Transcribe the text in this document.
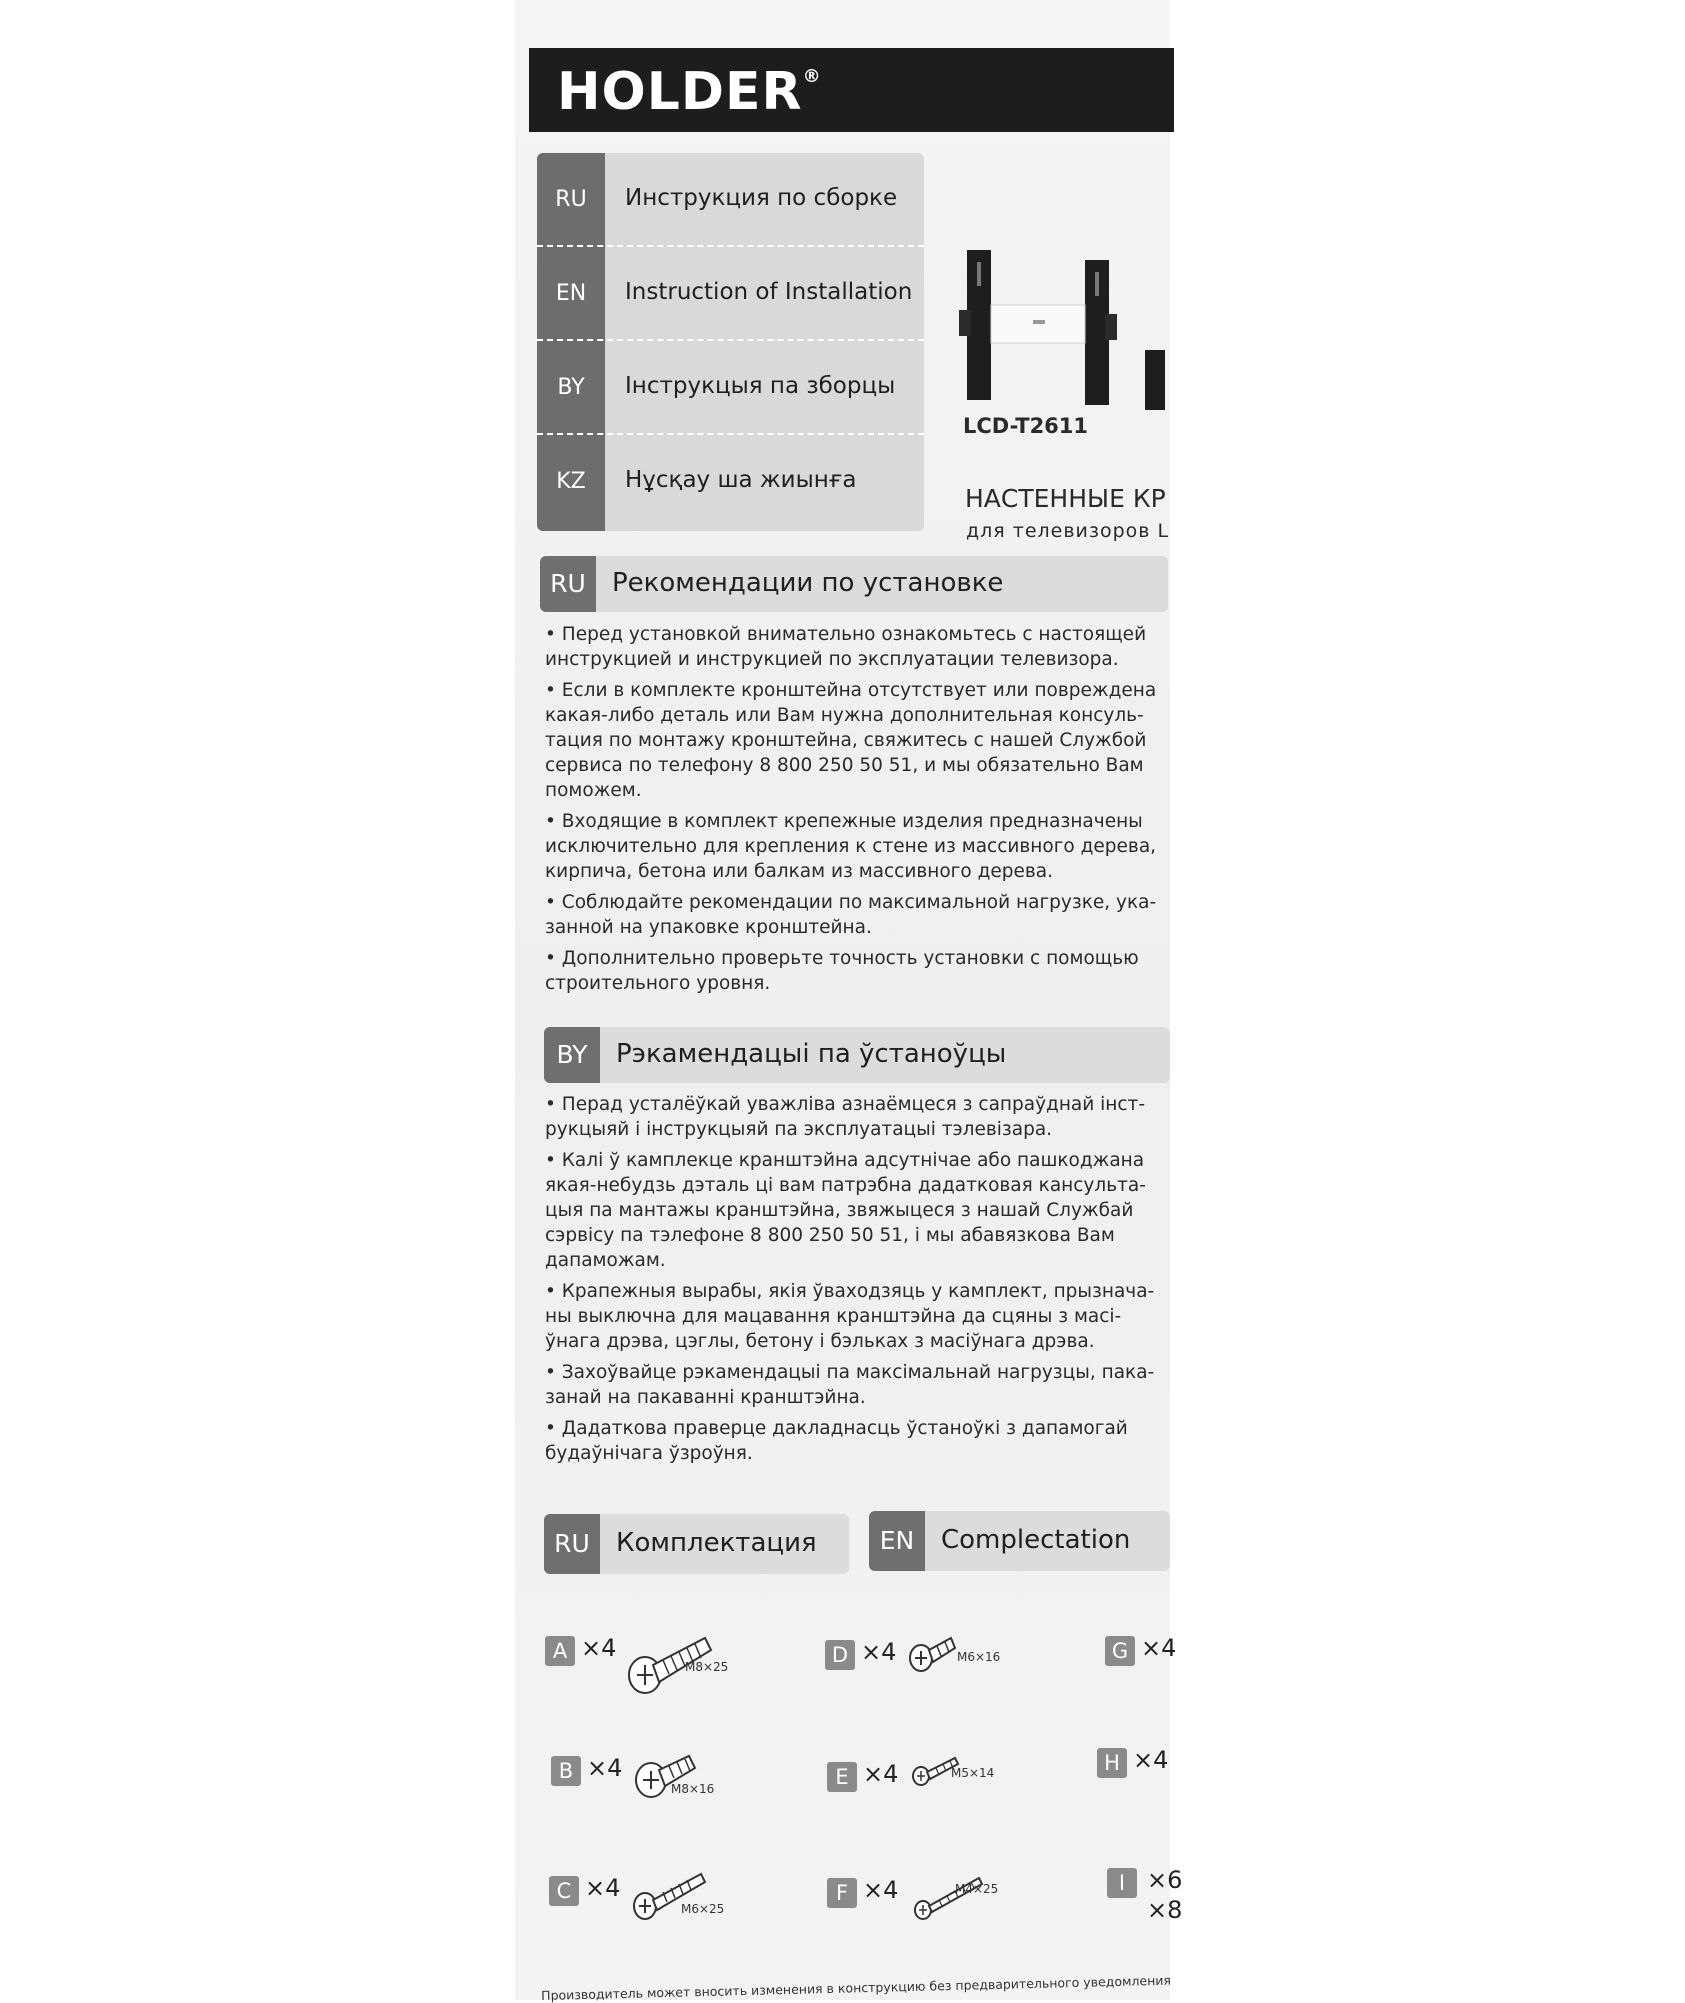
HOLDER®
RU	Инструкция по сборке
EN	Instruction of Installation
BY	Інструкцыя па зборцы
KZ	Нұсқау ша жиынға
LCD-T2611
НАСТЕННЫЕ КР
для телевизоров L
RU	Рекомендации по установке

• Перед установкой внимательно ознакомьтесь с настоящей инструкцией и инструкцией по эксплуатации телевизора.

• Если в комплекте кронштейна отсутствует или повреждена какая-либо деталь или Вам нужна дополнительная консуль-тация по монтажу кронштейна, свяжитесь с нашей Службой сервиса по телефону 8 800 250 50 51, и мы обязательно Вам поможем.

• Входящие в комплект крепежные изделия предназначены исключительно для крепления к стене из массивного дерева, кирпича, бетона или балкам из массивного дерева.

• Соблюдайте рекомендации по максимальной нагрузке, ука-занной на упаковке кронштейна.

• Дополнительно проверьте точность установки с помощью строительного уровня.

BY	Рэкамендацыі па ўстаноўцы

• Перад усталёўкай уважліва азнаёмцеся з сапраўднай інст-рукцыяй і інструкцыяй па эксплуатацыі тэлевізара.

• Калі ў камплекце кранштэйна адсутнічае або пашкоджана якая-небудзь дэталь ці вам патрэбна дадатковая кансульта-цыя па мантажы кранштэйна, звяжыцеся з нашай Службай сэрвісу па тэлефоне 8 800 250 50 51, і мы абавязкова Вам дапаможам.

• Крапежныя вырабы, якія ўваходзяць у камплект, прызнача-ны выключна для мацавання кранштэйна да сцяны з масі-ўнага дрэва, цэглы, бетону і бэльках з масіўнага дрэва.

• Захоўвайце рэкамендацыі па максімальнай нагрузцы, пака-занай на пакаванні кранштэйна.

• Дадаткова праверце дакладнасць ўстаноўкі з дапамогай будаўнічага ўзроўня.

RU	Комплектация	EN	Complectation
A ×4
M8×25
B ×4
M8×16
C ×4
M6×25
D ×4	M6×16
E ×4	M5×14
F ×4	M4×25
G ×4
H ×4
I ×6
×8
Производитель может вносить изменения в конструкцию без предварительного уведомления
